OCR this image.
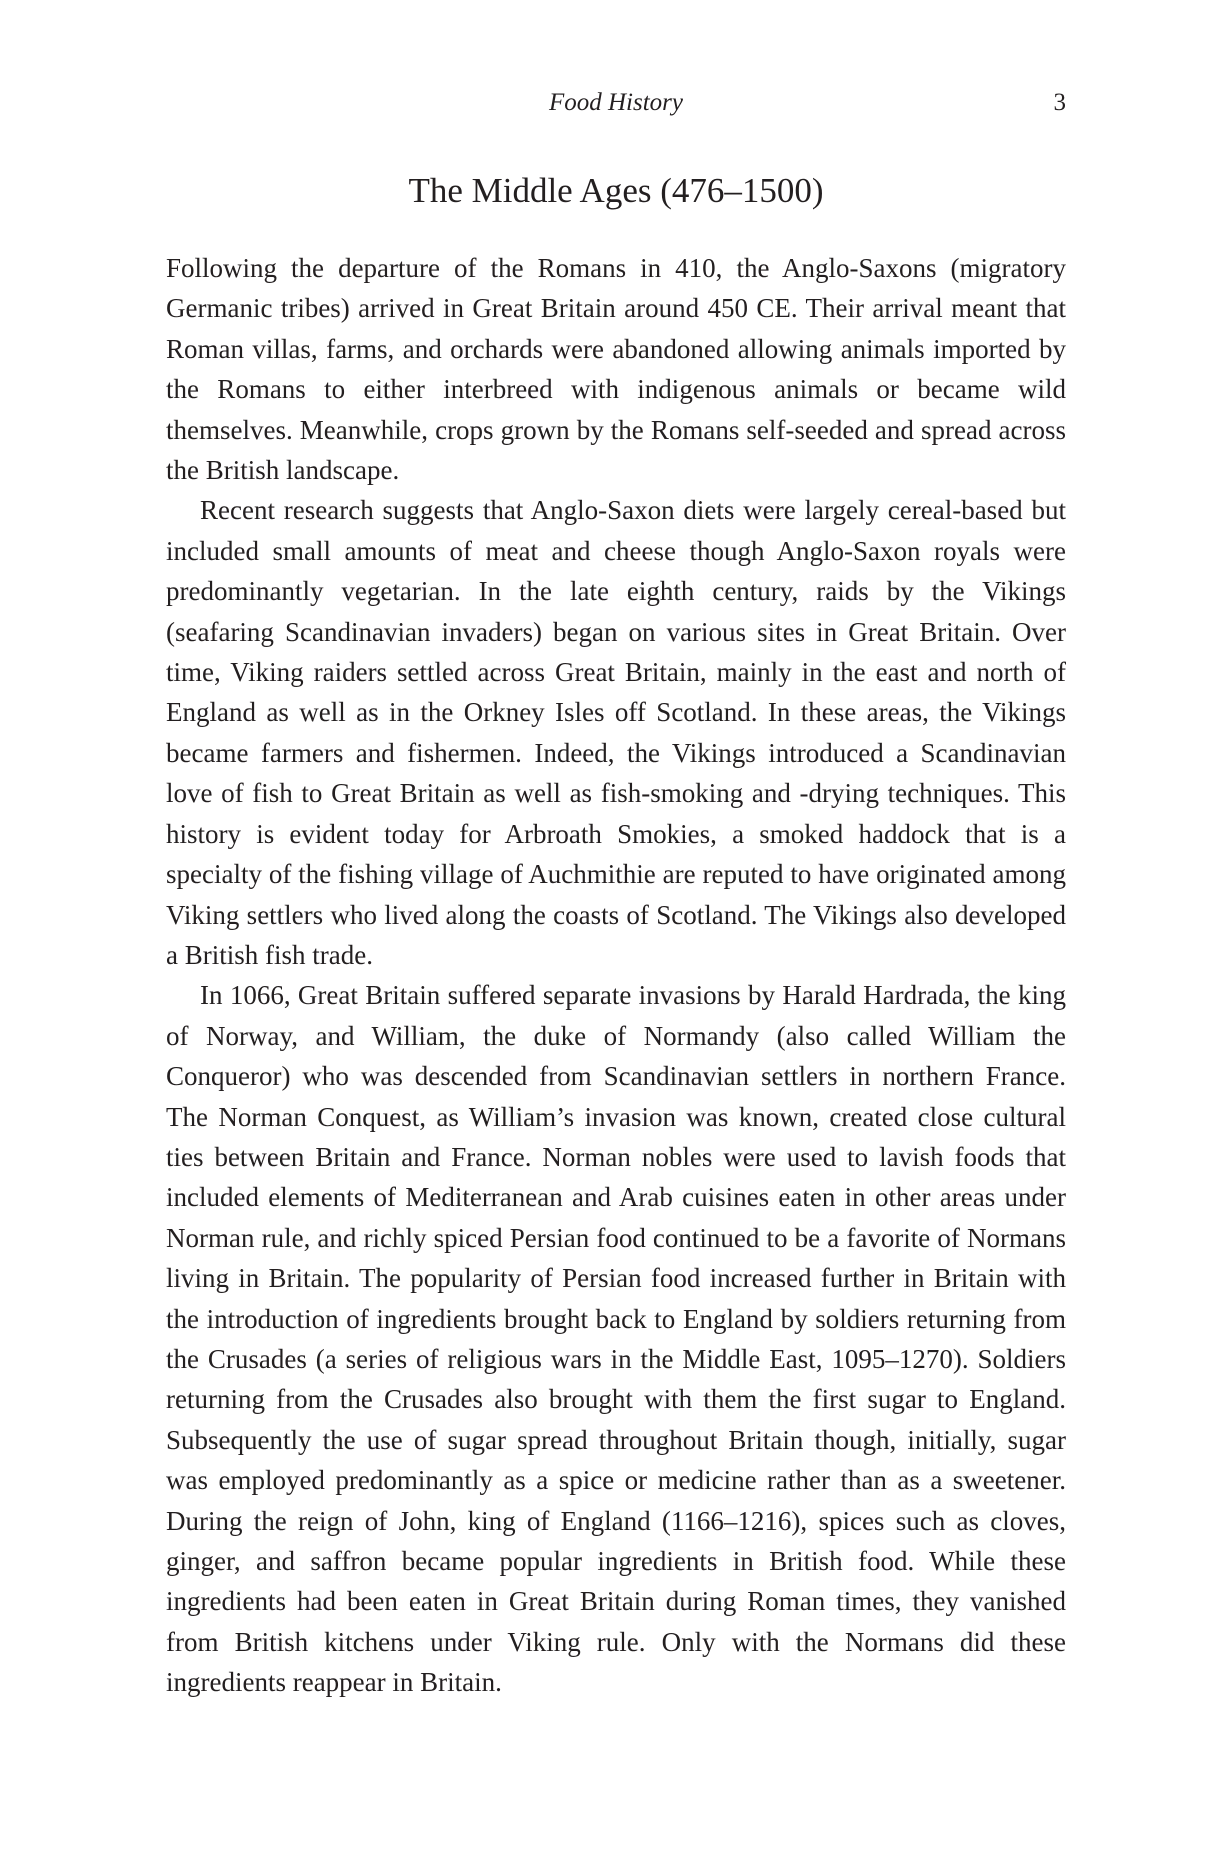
Food History	3
The Middle Ages (476–1500)

Following the departure of the Romans in 410, the Anglo-Saxons (migratory Germanic tribes) arrived in Great Britain around 450 CE. Their arrival meant that Roman villas, farms, and orchards were abandoned allowing animals imported by the Romans to either interbreed with indigenous animals or became wild themselves. Meanwhile, crops grown by the Romans self-seeded and spread across the British landscape.

Recent research suggests that Anglo-Saxon diets were largely cereal-based but included small amounts of meat and cheese though Anglo-Saxon royals were predominantly vegetarian. In the late eighth century, raids by the Vikings (seafaring Scandinavian invaders) began on various sites in Great Britain. Over time, Viking raiders settled across Great Britain, mainly in the east and north of England as well as in the Orkney Isles off Scotland. In these areas, the Vikings became farmers and fishermen. Indeed, the Vikings introduced a Scandinavian love of fish to Great Britain as well as fish-smoking and -drying techniques. This history is evident today for Arbroath Smokies, a smoked haddock that is a specialty of the fishing village of Auchmithie are reputed to have originated among Viking settlers who lived along the coasts of Scotland. The Vikings also developed a British fish trade.

In 1066, Great Britain suffered separate invasions by Harald Hardrada, the king of Norway, and William, the duke of Normandy (also called William the Conqueror) who was descended from Scandinavian settlers in northern France. The Norman Conquest, as William’s invasion was known, created close cultural ties between Britain and France. Norman nobles were used to lavish foods that included elements of Mediterranean and Arab cuisines eaten in other areas under Norman rule, and richly spiced Persian food continued to be a favorite of Normans living in Britain. The popularity of Persian food increased further in Britain with the introduction of ingredients brought back to England by soldiers returning from the Crusades (a series of religious wars in the Middle East, 1095–1270). Soldiers returning from the Crusades also brought with them the first sugar to England. Subsequently the use of sugar spread throughout Britain though, initially, sugar was employed predominantly as a spice or medicine rather than as a sweetener. During the reign of John, king of England (1166–1216), spices such as cloves, ginger, and saffron became popular ingredients in British food. While these ingredients had been eaten in Great Britain during Roman times, they vanished from British kitchens under Viking rule. Only with the Normans did these ingredients reappear in Britain.
